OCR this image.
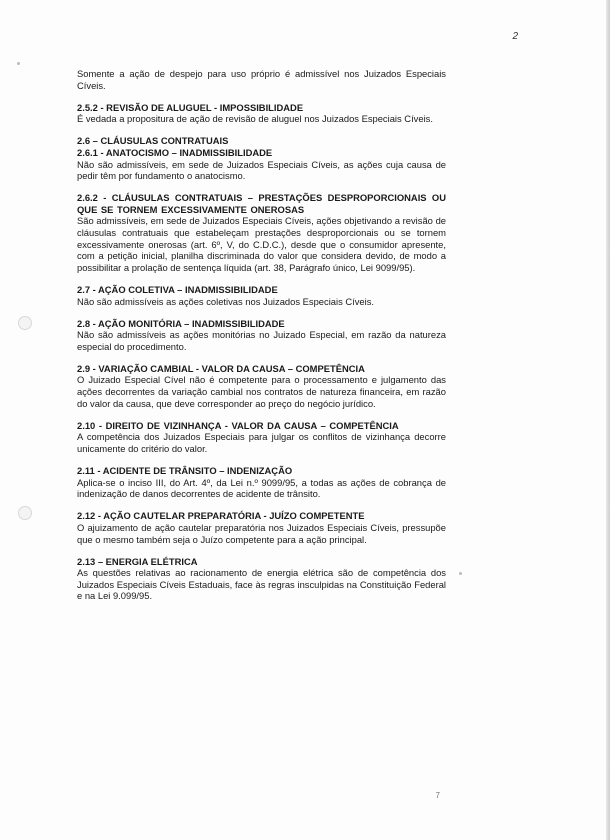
2

Somente a ação de despejo para uso próprio é admissível nos Juizados Especiais Cíveis.

2.5.2 - REVISÃO DE ALUGUEL - IMPOSSIBILIDADE

É vedada a propositura de ação de revisão de aluguel nos Juizados Especiais Cíveis.

2.6 – CLÁUSULAS CONTRATUAIS

2.6.1 - ANATOCISMO – INADMISSIBILIDADE

Não são admissíveis, em sede de Juizados Especiais Cíveis, as ações cuja causa de pedir têm por fundamento o anatocismo.

2.6.2 - CLÁUSULAS CONTRATUAIS – PRESTAÇÕES DESPROPORCIONAIS OU QUE SE TORNEM EXCESSIVAMENTE ONEROSAS

São admissíveis, em sede de Juizados Especiais Cíveis, ações objetivando a revisão de cláusulas contratuais que estabeleçam prestações desproporcionais ou se tornem excessivamente onerosas (art. 6º, V, do C.D.C.), desde que o consumidor apresente, com a petição inicial, planilha discriminada do valor que considera devido, de modo a possibilitar a prolação de sentença líquida (art. 38, Parágrafo único, Lei 9099/95).

2.7 - AÇÃO COLETIVA – INADMISSIBILIDADE

Não são admissíveis as ações coletivas nos Juizados Especiais Cíveis.

2.8 - AÇÃO MONITÓRIA – INADMISSIBILIDADE

Não são admissíveis as ações monitórias no Juizado Especial, em razão da natureza especial do procedimento.

2.9 - VARIAÇÃO CAMBIAL - VALOR DA CAUSA – COMPETÊNCIA

O Juizado Especial Cível não é competente para o processamento e julgamento das ações decorrentes da variação cambial nos contratos de natureza financeira, em razão do valor da causa, que deve corresponder ao preço do negócio jurídico.

2.10 - DIREITO DE VIZINHANÇA - VALOR DA CAUSA – COMPETÊNCIA

A competência dos Juizados Especiais para julgar os conflitos de vizinhança decorre unicamente do critério do valor.

2.11 - ACIDENTE DE TRÂNSITO – INDENIZAÇÃO

Aplica-se o inciso III, do Art. 4º, da Lei n.º 9099/95, a todas as ações de cobrança de indenização de danos decorrentes de acidente de trânsito.

2.12 - AÇÃO CAUTELAR PREPARATÓRIA - JUÍZO COMPETENTE

O ajuizamento de ação cautelar preparatória nos Juizados Especiais Cíveis, pressupõe que o mesmo também seja o Juízo competente para a ação principal.

2.13 – ENERGIA ELÉTRICA

As questões relativas ao racionamento de energia elétrica são de competência dos Juizados Especiais Cíveis Estaduais, face às regras insculpidas na Constituição Federal e na Lei 9.099/95.

7
